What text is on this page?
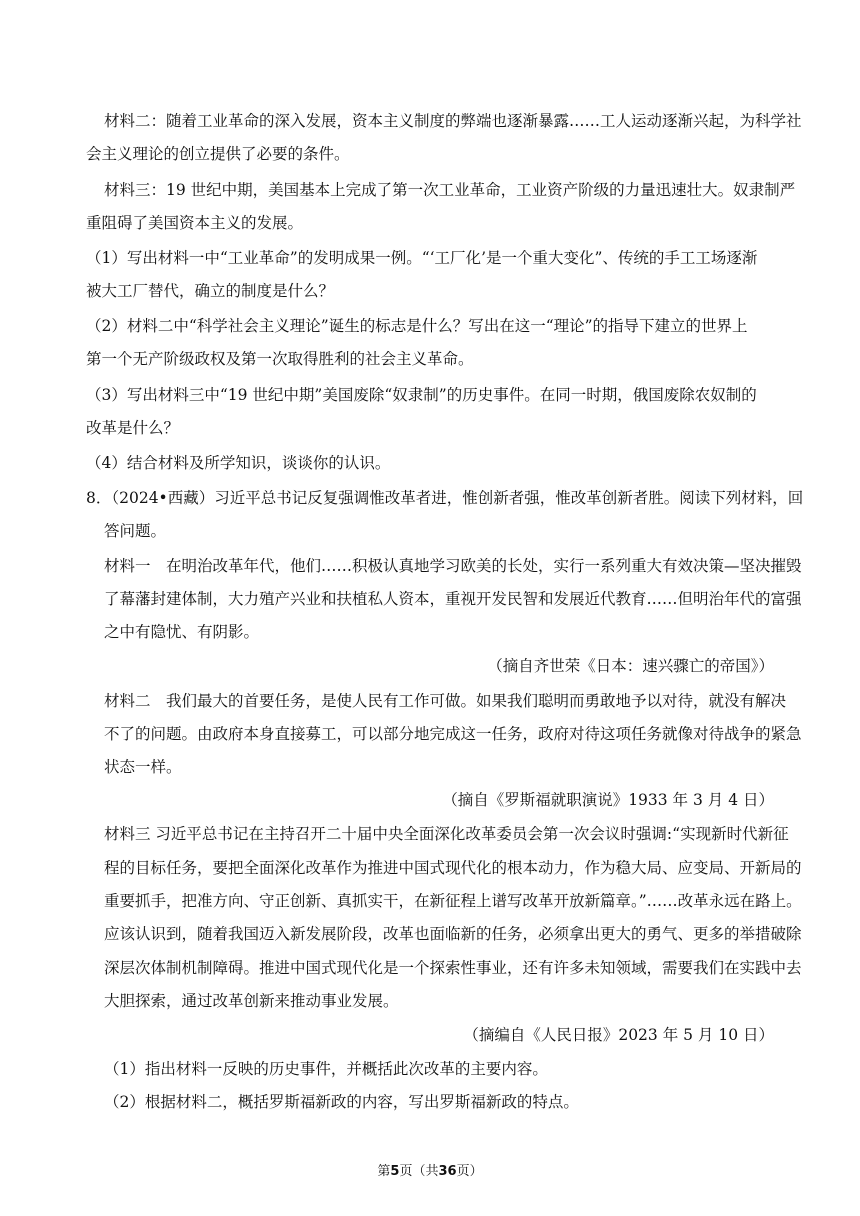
材料二：随着工业革命的深入发展，资本主义制度的弊端也逐渐暴露……工人运动逐渐兴起，为科学社
会主义理论的创立提供了必要的条件。
材料三：19 世纪中期，美国基本上完成了第一次工业革命，工业资产阶级的力量迅速壮大。奴隶制严
重阻碍了美国资本主义的发展。
（1）写出材料一中“工业革命”的发明成果一例。“‘工厂化’是一个重大变化”、传统的手工工场逐渐
被大工厂替代，确立的制度是什么？
（2）材料二中“科学社会主义理论”诞生的标志是什么？写出在这一“理论”的指导下建立的世界上
第一个无产阶级政权及第一次取得胜利的社会主义革命。
（3）写出材料三中“19 世纪中期”美国废除“奴隶制”的历史事件。在同一时期，俄国废除农奴制的
改革是什么？
（4）结合材料及所学知识，谈谈你的认识。
8．（2024•西藏）习近平总书记反复强调惟改革者进，惟创新者强，惟改革创新者胜。阅读下列材料，回
答问题。
材料一　在明治改革年代，他们……积极认真地学习欧美的长处，实行一系列重大有效决策—坚决摧毁
了幕藩封建体制，大力殖产兴业和扶植私人资本，重视开发民智和发展近代教育……但明治年代的富强
之中有隐忧、有阴影。
（摘自齐世荣《日本：速兴骤亡的帝国》）
材料二　我们最大的首要任务，是使人民有工作可做。如果我们聪明而勇敢地予以对待，就没有解决
不了的问题。由政府本身直接募工，可以部分地完成这一任务，政府对待这项任务就像对待战争的紧急
状态一样。
（摘自《罗斯福就职演说》1933 年 3 月 4 日）
材料三 习近平总书记在主持召开二十届中央全面深化改革委员会第一次会议时强调:“实现新时代新征
程的目标任务，要把全面深化改革作为推进中国式现代化的根本动力，作为稳大局、应变局、开新局的
重要抓手，把准方向、守正创新、真抓实干，在新征程上谱写改革开放新篇章。”……改革永远在路上。
应该认识到，随着我国迈入新发展阶段，改革也面临新的任务，必须拿出更大的勇气、更多的举措破除
深层次体制机制障碍。推进中国式现代化是一个探索性事业，还有许多未知领域，需要我们在实践中去
大胆探索，通过改革创新来推动事业发展。
（摘编自《人民日报》2023 年 5 月 10 日）
（1）指出材料一反映的历史事件，并概括此次改革的主要内容。
（2）根据材料二，概括罗斯福新政的内容，写出罗斯福新政的特点。
第5页（共36页）
